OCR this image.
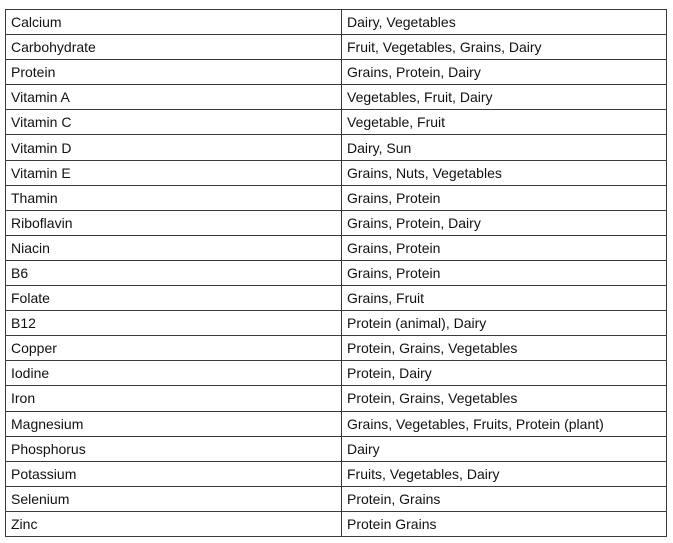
Calcium	Dairy, Vegetables
Carbohydrate	Fruit, Vegetables, Grains, Dairy
Protein	Grains, Protein, Dairy
Vitamin A	Vegetables, Fruit, Dairy
Vitamin C	Vegetable, Fruit
Vitamin D	Dairy, Sun
Vitamin E	Grains, Nuts, Vegetables
Thamin	Grains, Protein
Riboflavin	Grains, Protein, Dairy
Niacin	Grains, Protein
B6	Grains, Protein
Folate	Grains, Fruit
B12	Protein (animal), Dairy
Copper	Protein, Grains, Vegetables
Iodine	Protein, Dairy
Iron	Protein, Grains, Vegetables
Magnesium	Grains, Vegetables, Fruits, Protein (plant)
Phosphorus	Dairy
Potassium	Fruits, Vegetables, Dairy
Selenium	Protein, Grains
Zinc	Protein Grains
